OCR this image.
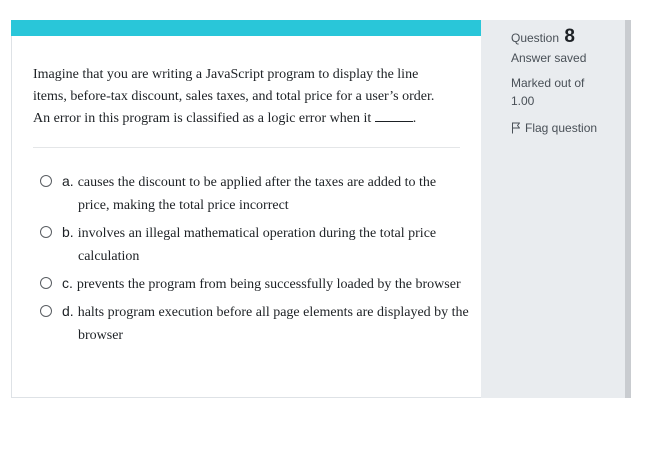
Imagine that you are writing a JavaScript program to display the line
items, before-tax discount, sales taxes, and total price for a user’s order.
An error in this program is classified as a logic error when it	.
a. causes the discount to be applied after the taxes are added to the price, making the total price incorrect
b. involves an illegal mathematical operation during the total price calculation
c. prevents the program from being successfully loaded by the browser
d. halts program execution before all page elements are displayed by the browser
Question 8
Answer saved
Marked out of
1.00
Flag question
